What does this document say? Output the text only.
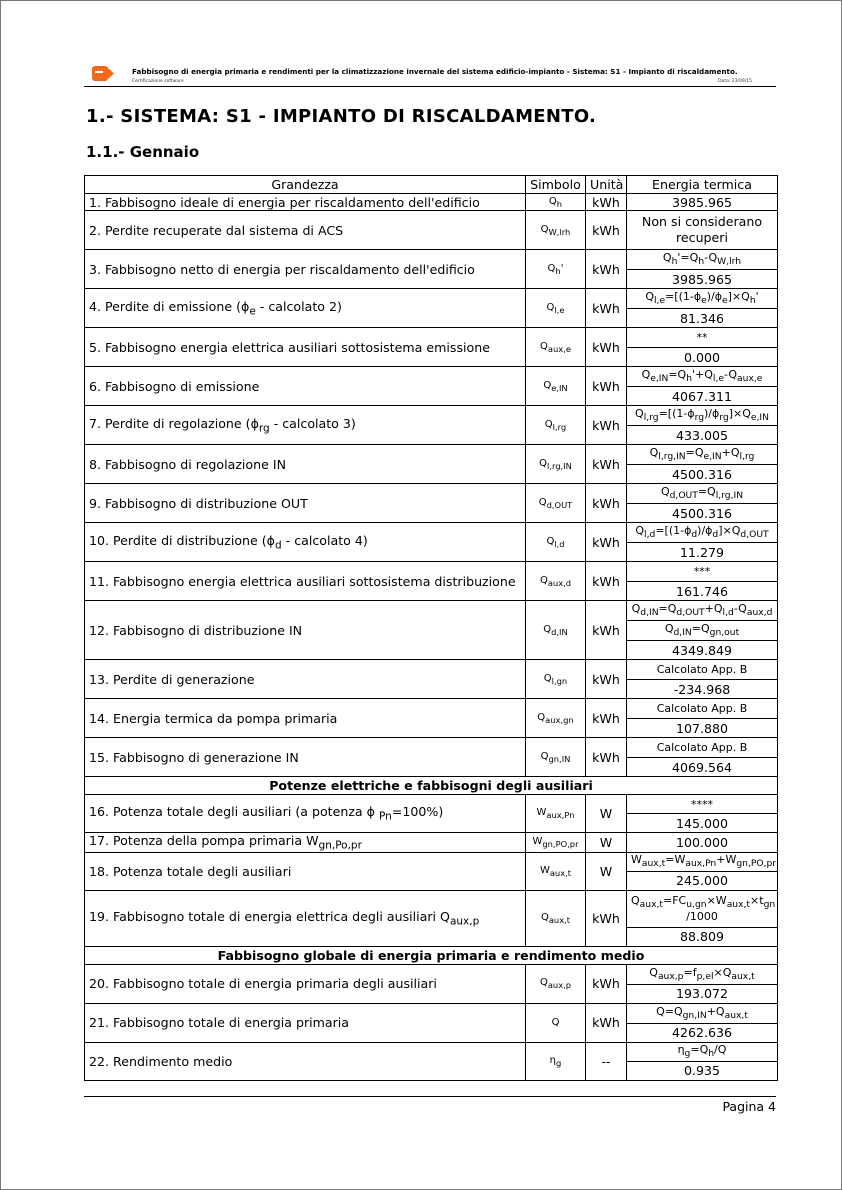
Fabbisogno di energia primaria e rendimenti per la climatizzazione invernale del sistema edificio-impianto - Sistema: S1 - Impianto di riscaldamento.
Certificazione software	Data: 23/09/15
1.- SISTEMA: S1 - IMPIANTO DI RISCALDAMENTO.
1.1.- Gennaio
Grandezza	Simbolo	Unità	Energia termica
1. Fabbisogno ideale di energia per riscaldamento dell'edificio	$Q_h$	kWh	3985.965
2. Perdite recuperate dal sistema di ACS	$Q_{W,lrh}$	kWh	Non si considerano recuperi
3. Fabbisogno netto di energia per riscaldamento dell'edificio	$Q_h'$	kWh	$Q_h'=Q_h-Q_{W,lrh}$
			3985.965
4. Perdite di emissione ($\phi_e$ - calcolato 2)	$Q_{l,e}$	kWh	$Q_{l,e}=[(1-\phi_e)/\phi_e]\times Q_h'$
			81.346
5. Fabbisogno energia elettrica ausiliari sottosistema emissione	$Q_{aux,e}$	kWh	**
			0.000
6. Fabbisogno di emissione	$Q_{e,IN}$	kWh	$Q_{e,IN}=Q_h'+Q_{l,e}-Q_{aux,e}$
			4067.311
7. Perdite di regolazione ($\phi_{rg}$ - calcolato 3)	$Q_{l,rg}$	kWh	$Q_{l,rg}=[(1-\phi_{rg})/\phi_{rg}]\times Q_{e,IN}$
			433.005
8. Fabbisogno di regolazione IN	$Q_{l,rg,IN}$	kWh	$Q_{l,rg,IN}=Q_{e,IN}+Q_{l,rg}$
			4500.316
9. Fabbisogno di distribuzione OUT	$Q_{d,OUT}$	kWh	$Q_{d,OUT}=Q_{l,rg,IN}$
			4500.316
10. Perdite di distribuzione ($\phi_d$ - calcolato 4)	$Q_{l,d}$	kWh	$Q_{l,d}=[(1-\phi_d)/\phi_d]\times Q_{d,OUT}$
			11.279
11. Fabbisogno energia elettrica ausiliari sottosistema distribuzione	$Q_{aux,d}$	kWh	***
			161.746
12. Fabbisogno di distribuzione IN	$Q_{d,IN}$	kWh	$Q_{d,IN}=Q_{d,OUT}+Q_{l,d}-Q_{aux,d}$
			$Q_{d,IN}=Q_{gn,out}$
			4349.849
13. Perdite di generazione	$Q_{l,gn}$	kWh	Calcolato App. B
			-234.968
14. Energia termica da pompa primaria	$Q_{aux,gn}$	kWh	Calcolato App. B
			107.880
15. Fabbisogno di generazione IN	$Q_{gn,IN}$	kWh	Calcolato App. B
			4069.564
Potenze elettriche e fabbisogni degli ausiliari			
16. Potenza totale degli ausiliari (a potenza ϕ $_{Pn}$=100%)	$W_{aux,Pn}$	W	****
			145.000
17. Potenza della pompa primaria $W_{gn,Po,pr}$	$W_{gn,PO,pr}$	W	100.000
18. Potenza totale degli ausiliari	$W_{aux,t}$	W	$W_{aux,t}=W_{aux,Pn}+W_{gn,PO,pr}$
			245.000
19. Fabbisogno totale di energia elettrica degli ausiliari $Q_{aux,p}$	$Q_{aux,t}$	kWh	$Q_{aux,t}=FC_{u,gn}\times W_{aux,t}\times t_{gn}$
/1000
			88.809
Fabbisogno globale di energia primaria e rendimento medio			
20. Fabbisogno totale di energia primaria degli ausiliari	$Q_{aux,p}$	kWh	$Q_{aux,p}=f_{p,el}\times Q_{aux,t}$
			193.072
21. Fabbisogno totale di energia primaria	Q	kWh	$Q=Q_{gn,IN}+Q_{aux,t}$
			4262.636
22. Rendimento medio	$\eta_g$	--	$\eta_g=Q_h/Q$
			0.935
Pagina 4
